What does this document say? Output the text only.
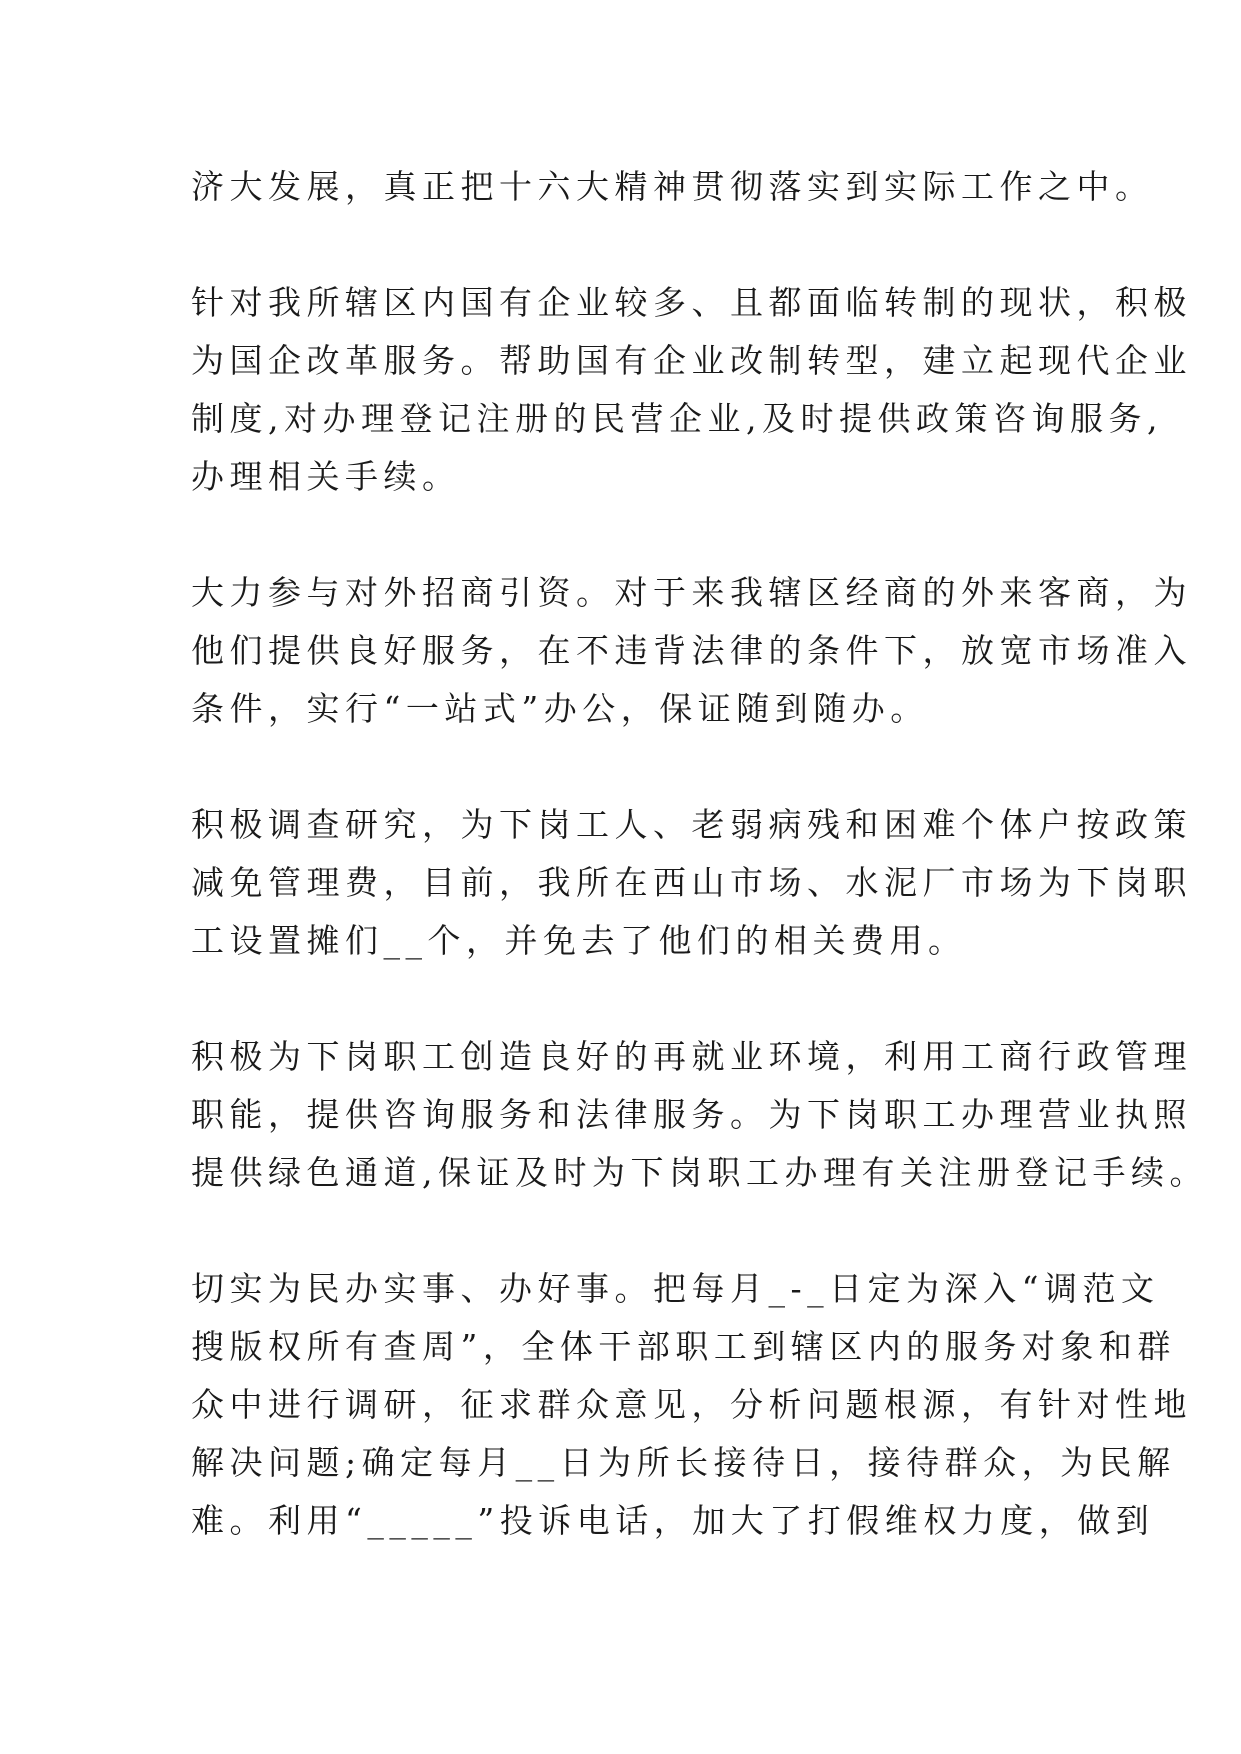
济大发展，真正把十六大精神贯彻落实到实际工作之中。

针对我所辖区内国有企业较多、且都面临转制的现状，积极
为国企改革服务。帮助国有企业改制转型，建立起现代企业
制度,对办理登记注册的民营企业,及时提供政策咨询服务,
办理相关手续。

大力参与对外招商引资。对于来我辖区经商的外来客商，为
他们提供良好服务，在不违背法律的条件下，放宽市场准入
条件，实行“一站式”办公，保证随到随办。

积极调查研究，为下岗工人、老弱病残和困难个体户按政策
减免管理费，目前，我所在西山市场、水泥厂市场为下岗职
工设置摊们__个，并免去了他们的相关费用。

积极为下岗职工创造良好的再就业环境，利用工商行政管理
职能，提供咨询服务和法律服务。为下岗职工办理营业执照
提供绿色通道,保证及时为下岗职工办理有关注册登记手续。

切实为民办实事、办好事。把每月_-_日定为深入“调范文
搜版权所有查周”，全体干部职工到辖区内的服务对象和群
众中进行调研，征求群众意见，分析问题根源，有针对性地
解决问题;确定每月__日为所长接待日，接待群众，为民解
难。利用“_____”投诉电话，加大了打假维权力度，做到
